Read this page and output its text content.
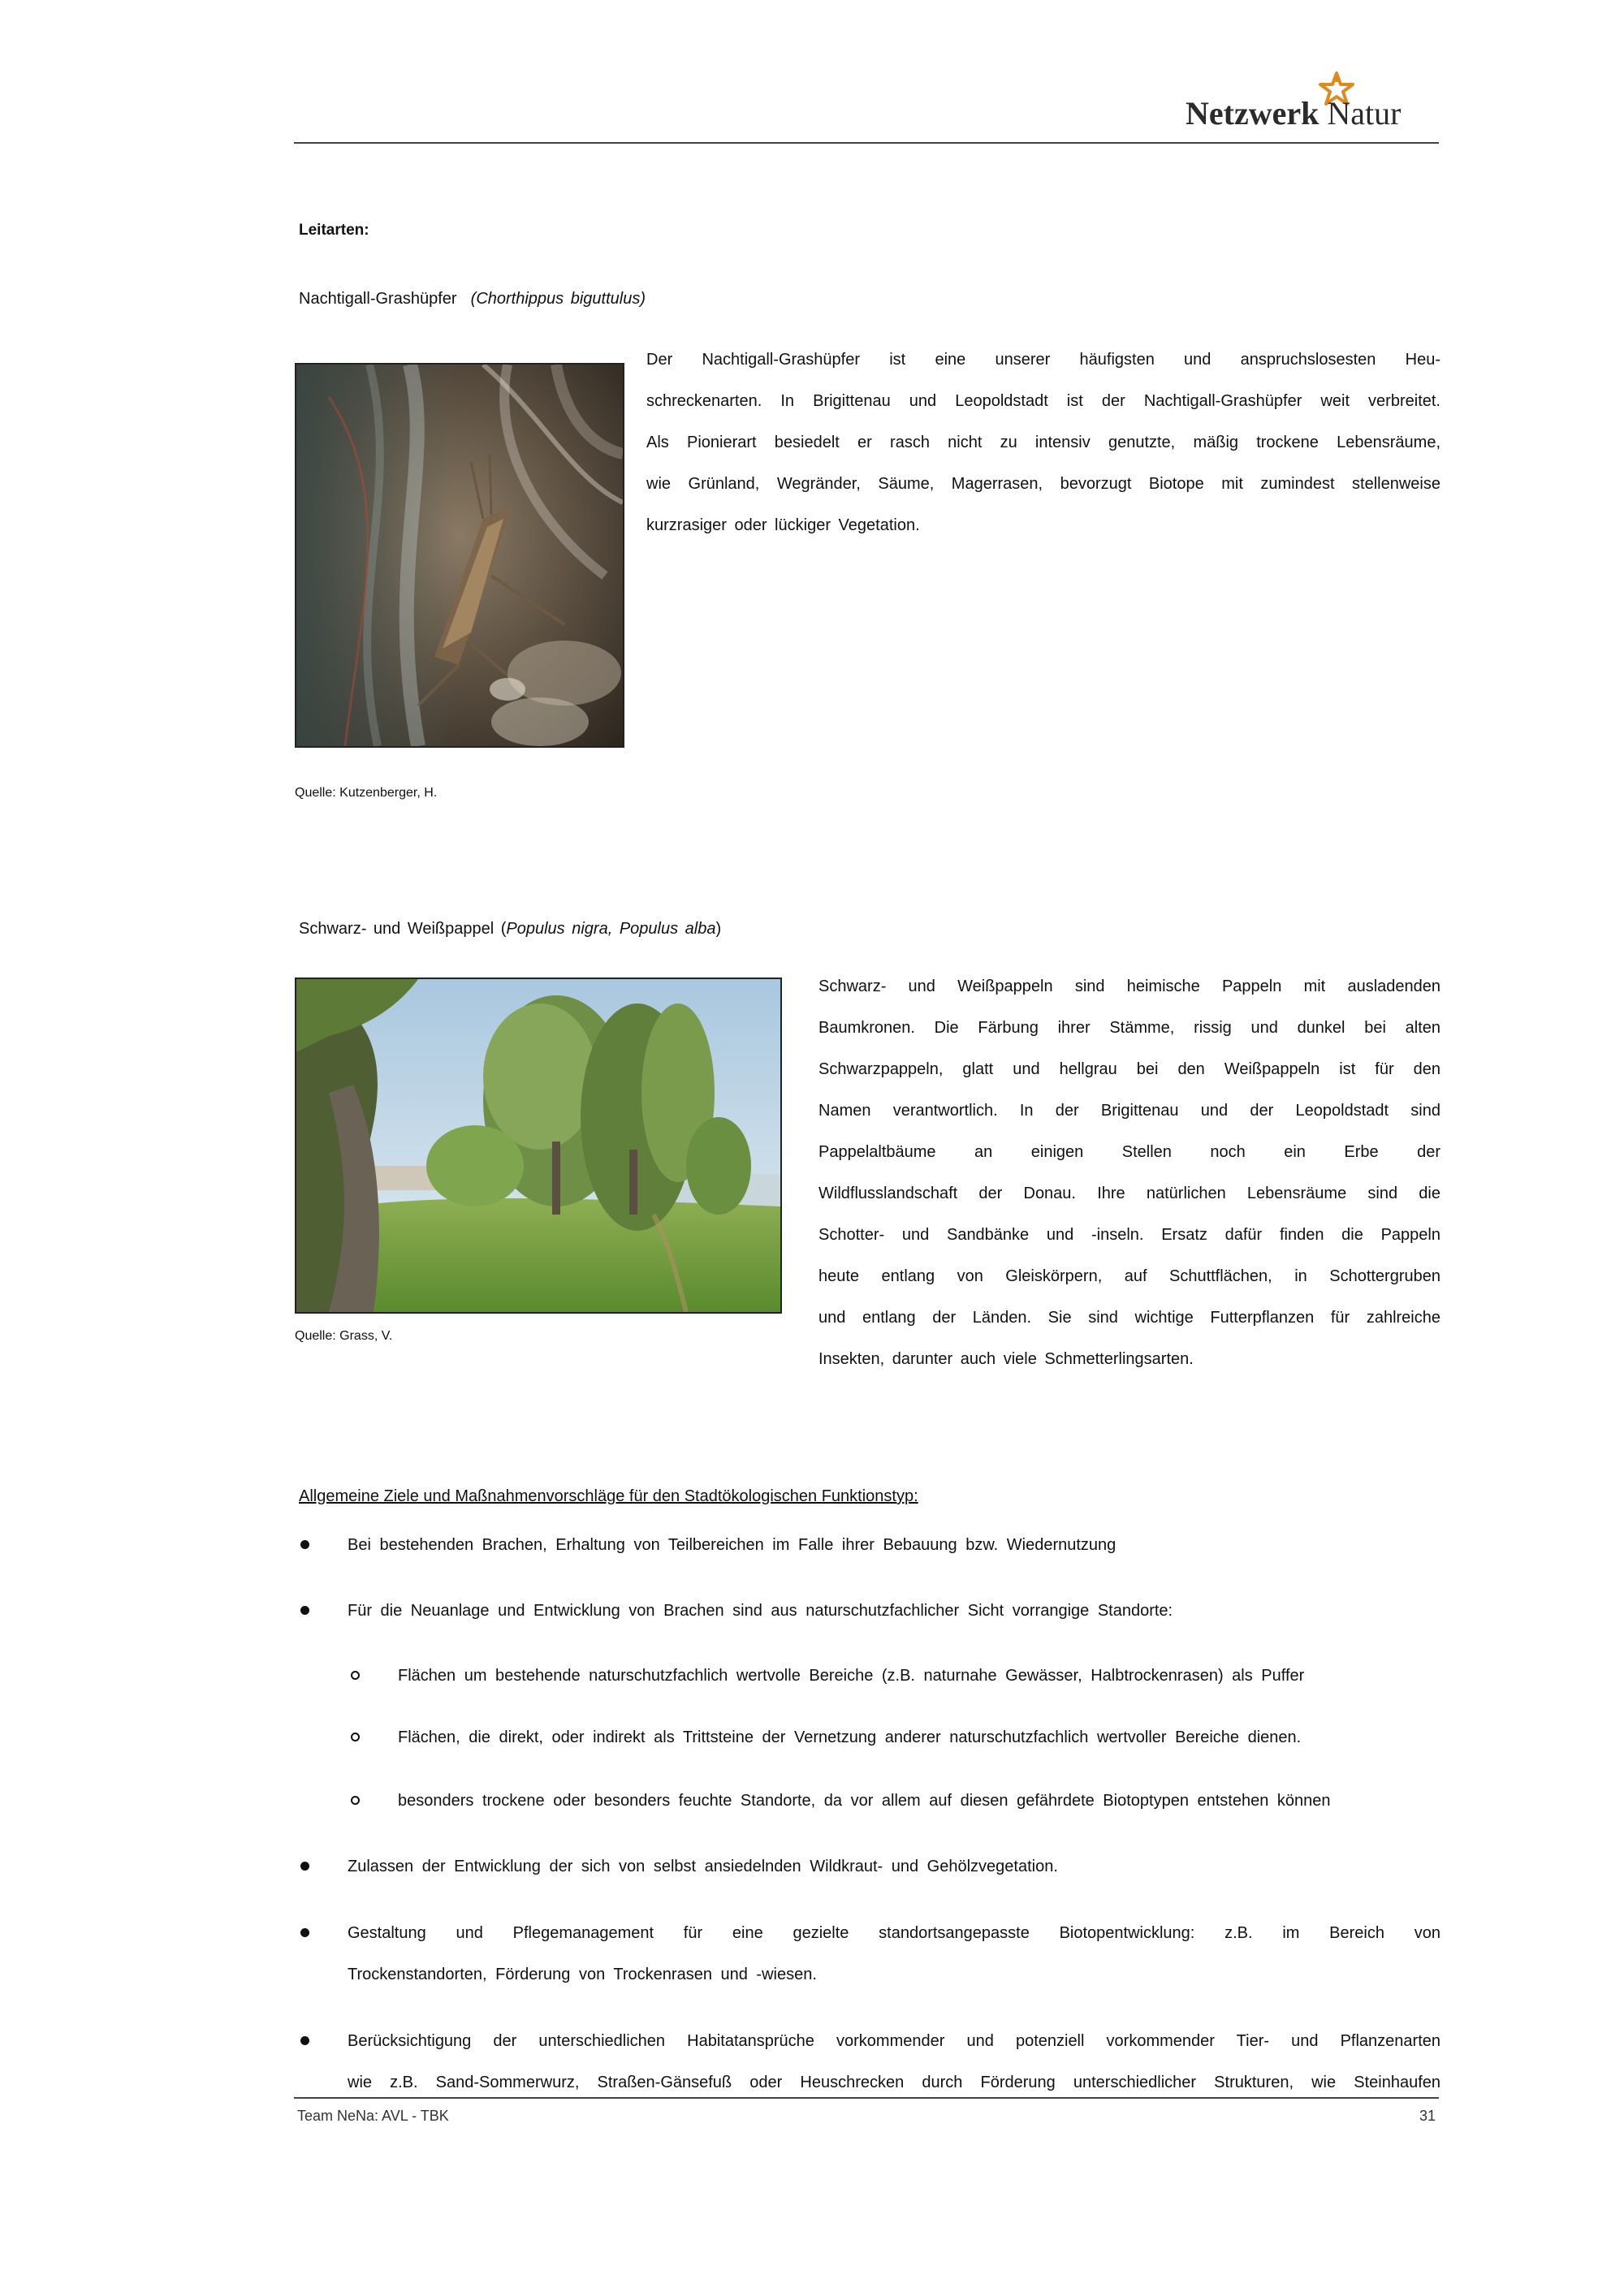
Netzwerk Natur
Leitarten:
Nachtigall-Grashüpfer (Chorthippus biguttulus)
Der Nachtigall-Grashüpfer ist eine unserer häufigsten und anspruchslosesten Heu-
schreckenarten. In Brigittenau und Leopoldstadt ist der Nachtigall-Grashüpfer weit verbreitet.
Als Pionierart besiedelt er rasch nicht zu intensiv genutzte, mäßig trockene Lebensräume,
wie Grünland, Wegränder, Säume, Magerrasen, bevorzugt Biotope mit zumindest stellenweise
kurzrasiger oder lückiger Vegetation.
Quelle: Kutzenberger, H.
Schwarz- und Weißpappel (Populus nigra, Populus alba)
Quelle: Grass, V.
Schwarz- und Weißpappeln sind heimische Pappeln mit ausladenden
Baumkronen. Die Färbung ihrer Stämme, rissig und dunkel bei alten
Schwarzpappeln, glatt und hellgrau bei den Weißpappeln ist für den
Namen verantwortlich. In der Brigittenau und der Leopoldstadt sind
Pappelaltbäume an einigen Stellen noch ein Erbe der
Wildflusslandschaft der Donau. Ihre natürlichen Lebensräume sind die
Schotter- und Sandbänke und -inseln. Ersatz dafür finden die Pappeln
heute entlang von Gleiskörpern, auf Schuttflächen, in Schottergruben
und entlang der Länden. Sie sind wichtige Futterpflanzen für zahlreiche
Insekten, darunter auch viele Schmetterlingsarten.
Allgemeine Ziele und Maßnahmenvorschläge für den Stadtökologischen Funktionstyp:
Bei bestehenden Brachen, Erhaltung von Teilbereichen im Falle ihrer Bebauung bzw. Wiedernutzung
Für die Neuanlage und Entwicklung von Brachen sind aus naturschutzfachlicher Sicht vorrangige Standorte:
Flächen um bestehende naturschutzfachlich wertvolle Bereiche (z.B. naturnahe Gewässer, Halbtrockenrasen) als Puffer
Flächen, die direkt, oder indirekt als Trittsteine der Vernetzung anderer naturschutzfachlich wertvoller Bereiche dienen.
besonders trockene oder besonders feuchte Standorte, da vor allem auf diesen gefährdete Biotoptypen entstehen können
Zulassen der Entwicklung der sich von selbst ansiedelnden Wildkraut- und Gehölzvegetation.
Gestaltung und Pflegemanagement für eine gezielte standortsangepasste Biotopentwicklung: z.B. im Bereich von
Trockenstandorten, Förderung von Trockenrasen und -wiesen.
Berücksichtigung der unterschiedlichen Habitatansprüche vorkommender und potenziell vorkommender Tier- und Pflanzenarten
wie z.B. Sand-Sommerwurz, Straßen-Gänsefuß oder Heuschrecken durch Förderung unterschiedlicher Strukturen, wie Steinhaufen
Team NeNa: AVL - TBK	31
